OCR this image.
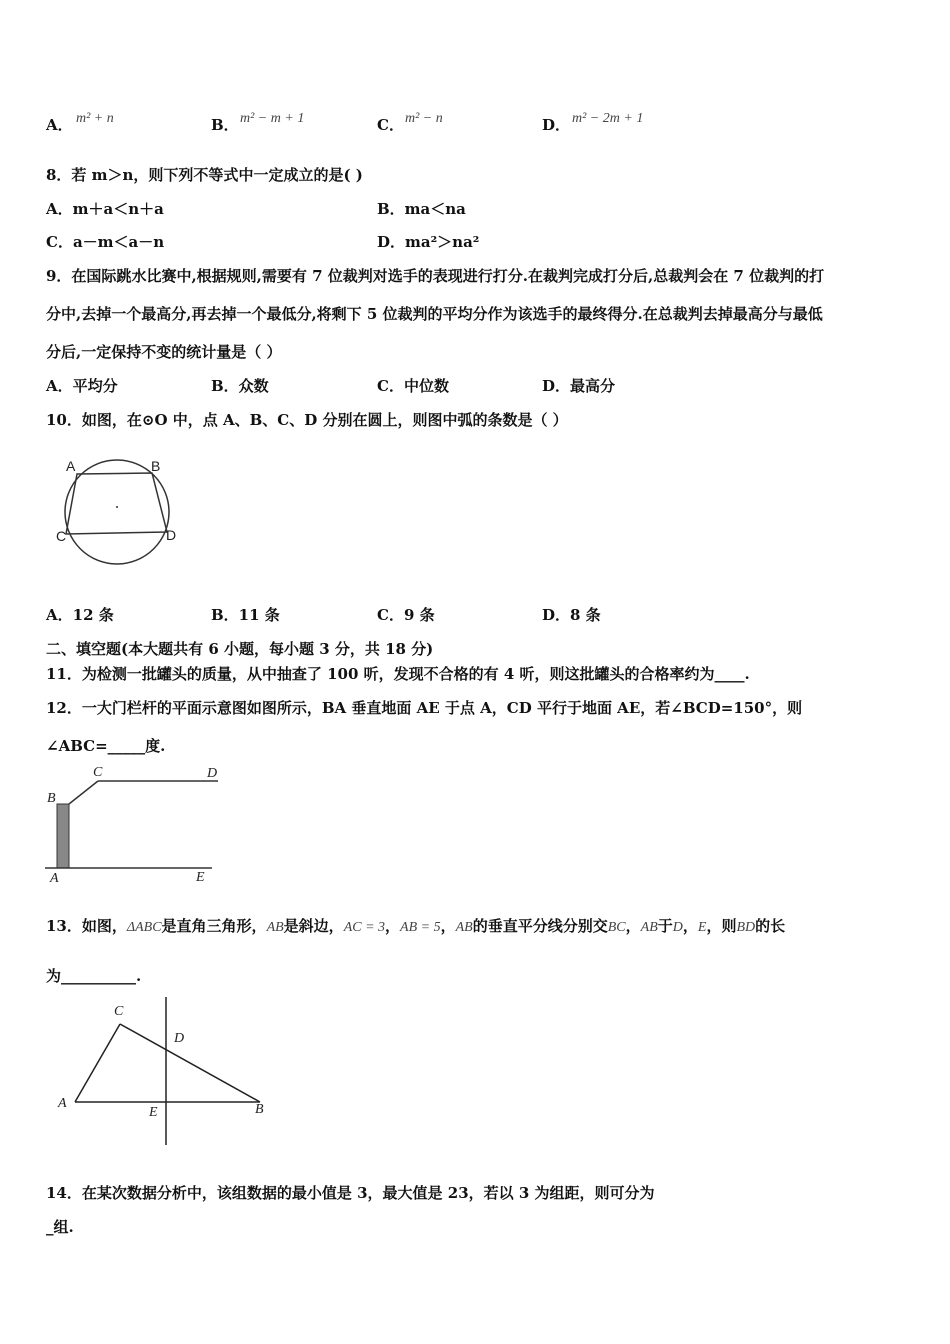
A． m² + n	B． m² − m + 1	C． m² − n	D． m² − 2m + 1
8．若 m＞n，则下列不等式中一定成立的是( )
A．m＋a＜n＋a	B．ma＜na
C．a－m＜a－n	D．ma²＞na²
9．在国际跳水比赛中,根据规则,需要有 7 位裁判对选手的表现进行打分.在裁判完成打分后,总裁判会在 7 位裁判的打
分中,去掉一个最高分,再去掉一个最低分,将剩下 5 位裁判的平均分作为该选手的最终得分.在总裁判去掉最高分与最低
分后,一定保持不变的统计量是（ ）
A．平均分	B．众数	C．中位数	D．最高分
10．如图，在⊙O 中，点 A、B、C、D 分别在圆上，则图中弧的条数是（ ）
A	B
C	D
A．12 条	B．11 条	C．9 条	D．8 条
二、填空题(本大题共有 6 小题，每小题 3 分，共 18 分)
11．为检测一批罐头的质量，从中抽查了 100 听，发现不合格的有 4 听，则这批罐头的合格率约为____.
12．一大门栏杆的平面示意图如图所示，BA 垂直地面 AE 于点 A，CD 平行于地面 AE，若∠BCD=150°，则
∠ABC=_____度.
B
C	D
A	E
13．如图，ΔABC是直角三角形，AB是斜边，AC = 3，AB = 5，AB的垂直平分线分别交BC，AB于D，E，则BD的长
为__________.
C
D
A
E	B
14．在某次数据分析中，该组数据的最小值是 3，最大值是 23，若以 3 为组距，则可分为
_组.
